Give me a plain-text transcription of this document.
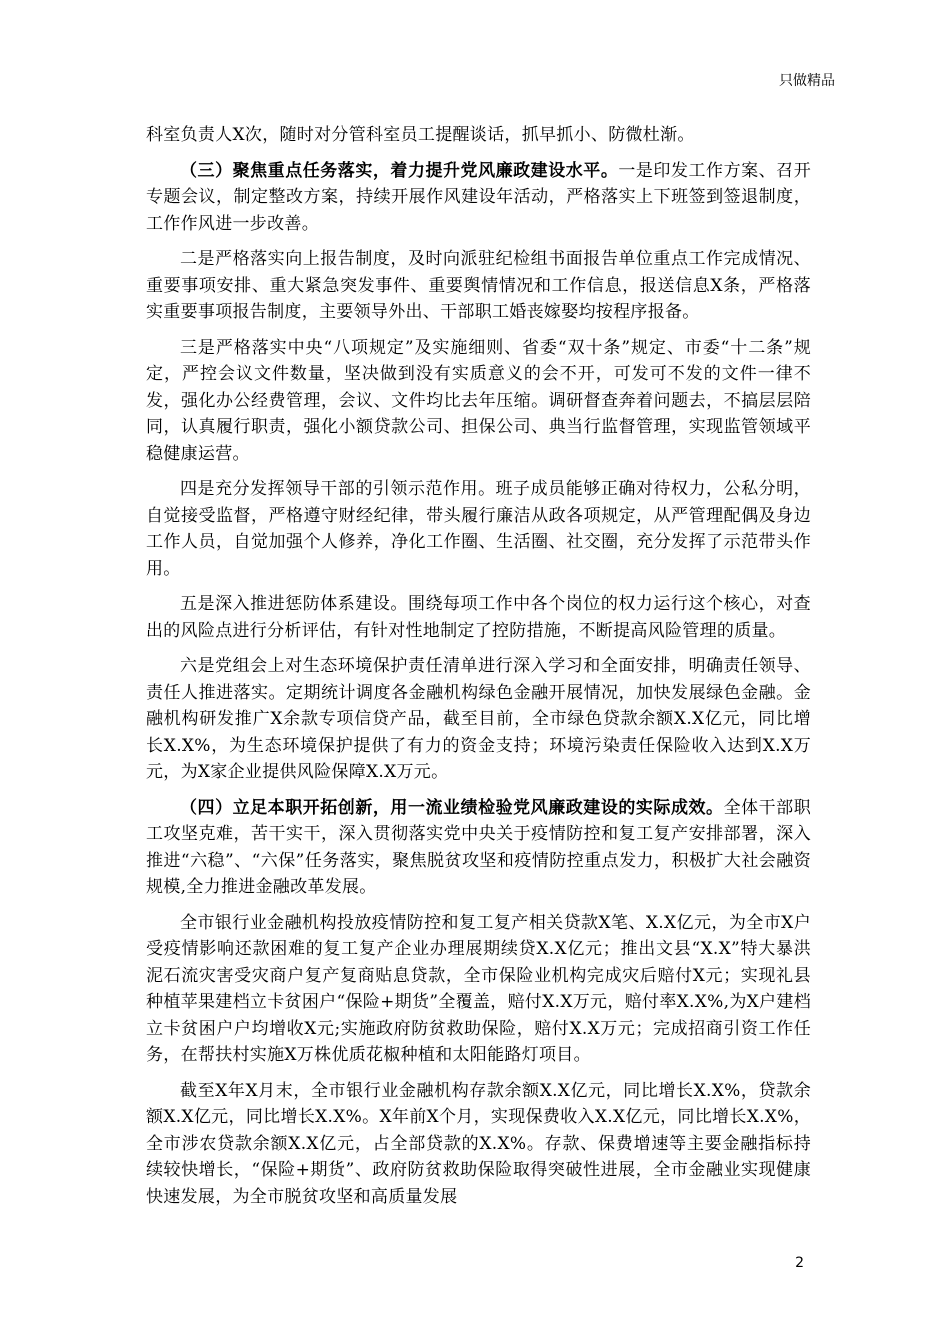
只做精品

科室负责人X次，随时对分管科室员工提醒谈话，抓早抓小、防微杜渐。

（三）聚焦重点任务落实，着力提升党风廉政建设水平。一是印发工作方案、召开专题会议，制定整改方案，持续开展作风建设年活动，严格落实上下班签到签退制度，工作作风进一步改善。

二是严格落实向上报告制度，及时向派驻纪检组书面报告单位重点工作完成情况、重要事项安排、重大紧急突发事件、重要舆情情况和工作信息，报送信息X条，严格落实重要事项报告制度，主要领导外出、干部职工婚丧嫁娶均按程序报备。

三是严格落实中央“八项规定”及实施细则、省委“双十条”规定、市委“十二条”规定，严控会议文件数量，坚决做到没有实质意义的会不开，可发可不发的文件一律不发，强化办公经费管理，会议、文件均比去年压缩。调研督查奔着问题去，不搞层层陪同，认真履行职责，强化小额贷款公司、担保公司、典当行监督管理，实现监管领域平稳健康运营。

四是充分发挥领导干部的引领示范作用。班子成员能够正确对待权力，公私分明，自觉接受监督，严格遵守财经纪律，带头履行廉洁从政各项规定，从严管理配偶及身边工作人员，自觉加强个人修养，净化工作圈、生活圈、社交圈，充分发挥了示范带头作用。

五是深入推进惩防体系建设。围绕每项工作中各个岗位的权力运行这个核心，对查出的风险点进行分析评估，有针对性地制定了控防措施，不断提高风险管理的质量。

六是党组会上对生态环境保护责任清单进行深入学习和全面安排，明确责任领导、责任人推进落实。定期统计调度各金融机构绿色金融开展情况，加快发展绿色金融。金融机构研发推广X余款专项信贷产品，截至目前，全市绿色贷款余额X.X亿元，同比增长X.X%，为生态环境保护提供了有力的资金支持；环境污染责任保险收入达到X.X万元，为X家企业提供风险保障X.X万元。

（四）立足本职开拓创新，用一流业绩检验党风廉政建设的实际成效。全体干部职工攻坚克难，苦干实干，深入贯彻落实党中央关于疫情防控和复工复产安排部署，深入推进“六稳”、“六保”任务落实，聚焦脱贫攻坚和疫情防控重点发力，积极扩大社会融资规模,全力推进金融改革发展。

全市银行业金融机构投放疫情防控和复工复产相关贷款X笔、X.X亿元，为全市X户受疫情影响还款困难的复工复产企业办理展期续贷X.X亿元；推出文县“X.X”特大暴洪泥石流灾害受灾商户复产复商贴息贷款，全市保险业机构完成灾后赔付X元；实现礼县种植苹果建档立卡贫困户“保险+期货”全覆盖，赔付X.X万元，赔付率X.X%,为X户建档立卡贫困户户均增收X元;实施政府防贫救助保险，赔付X.X万元；完成招商引资工作任务，在帮扶村实施X万株优质花椒种植和太阳能路灯项目。

截至X年X月末，全市银行业金融机构存款余额X.X亿元，同比增长X.X%，贷款余额X.X亿元，同比增长X.X%。X年前X个月，实现保费收入X.X亿元，同比增长X.X%，全市涉农贷款余额X.X亿元，占全部贷款的X.X%。存款、保费增速等主要金融指标持续较快增长，“保险+期货”、政府防贫救助保险取得突破性进展，全市金融业实现健康快速发展，为全市脱贫攻坚和高质量发展

2
